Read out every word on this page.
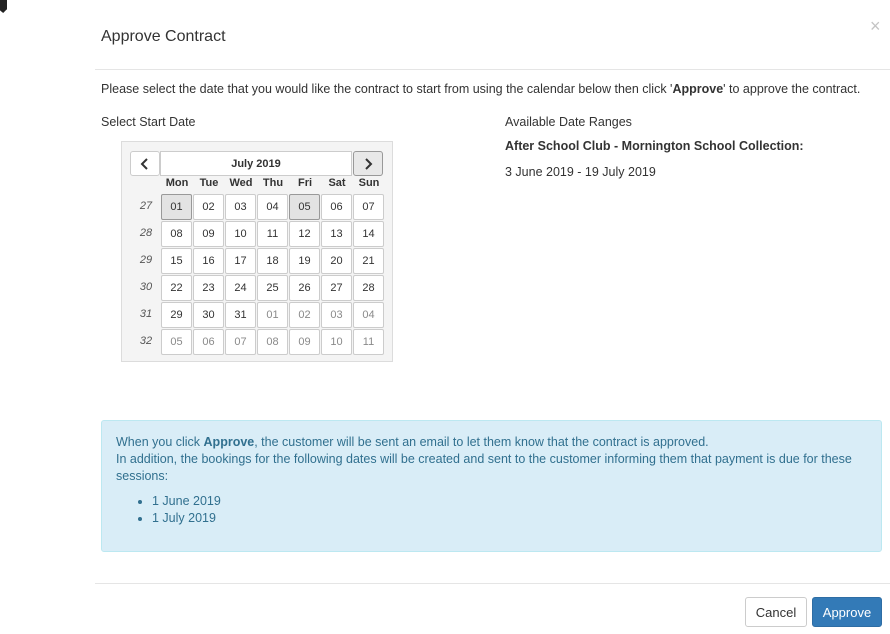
Approve Contract
×
Please select the date that you would like the contract to start from using the calendar below then click 'Approve' to approve the contract.
Select Start Date	Available Date Ranges
After School Club - Mornington School Collection:
3 June 2019 - 19 July 2019
July 2019
Mon	Tue	Wed Thu	Fri	Sat	Sun
27	01	02	03	04	05	06	07
28	08	09	10	11	12	13	14
29	15	16	17	18	19	20	21
30	22	23	24	25	26	27	28
31	29	30	31	01	02	03	04
32	05	06	07	08	09	10	11
When you click Approve, the customer will be sent an email to let them know that the contract is approved.
In addition, the bookings for the following dates will be created and sent to the customer informing them that payment is due for these sessions:
• 1 June 2019
• 1 July 2019
Cancel	Approve
